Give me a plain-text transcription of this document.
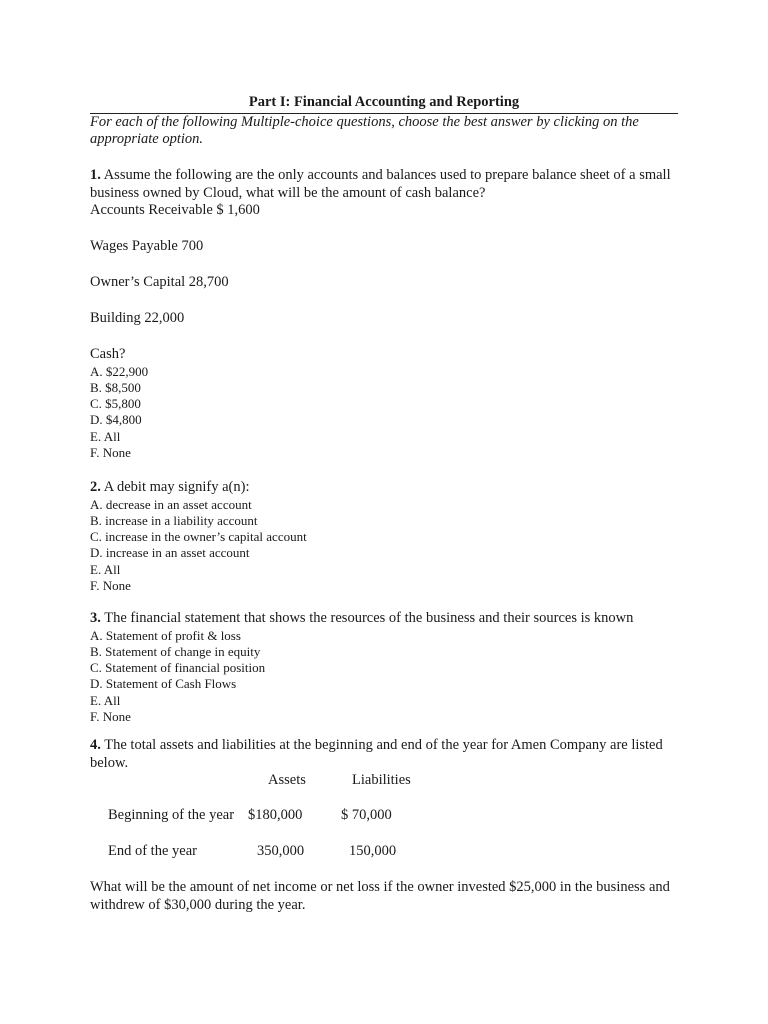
Part I: Financial Accounting and Reporting
For each of the following Multiple-choice questions, choose the best answer by clicking on the appropriate option.

1. Assume the following are the only accounts and balances used to prepare balance sheet of a small business owned by Cloud, what will be the amount of cash balance?

Accounts Receivable $ 1,600

Wages Payable 700
Owner’s Capital 28,700
Building 22,000

Cash?

A. $22,900

B. $8,500

C. $5,800

D. $4,800

E. All

F. None

2. A debit may signify a(n):

A. decrease in an asset account

B. increase in a liability account

C. increase in the owner’s capital account

D. increase in an asset account

E. All

F. None

3. The financial statement that shows the resources of the business and their sources is known

A. Statement of profit & loss

B. Statement of change in equity

C. Statement of financial position

D. Statement of Cash Flows

E. All

F. None

4. The total assets and liabilities at the beginning and end of the year for Amen Company are listed below.

Assets	Liabilities
Beginning of the year $180,000	$ 70,000
End of the year	350,000	150,000

What will be the amount of net income or net loss if the owner invested $25,000 in the business and withdrew of $30,000 during the year.
